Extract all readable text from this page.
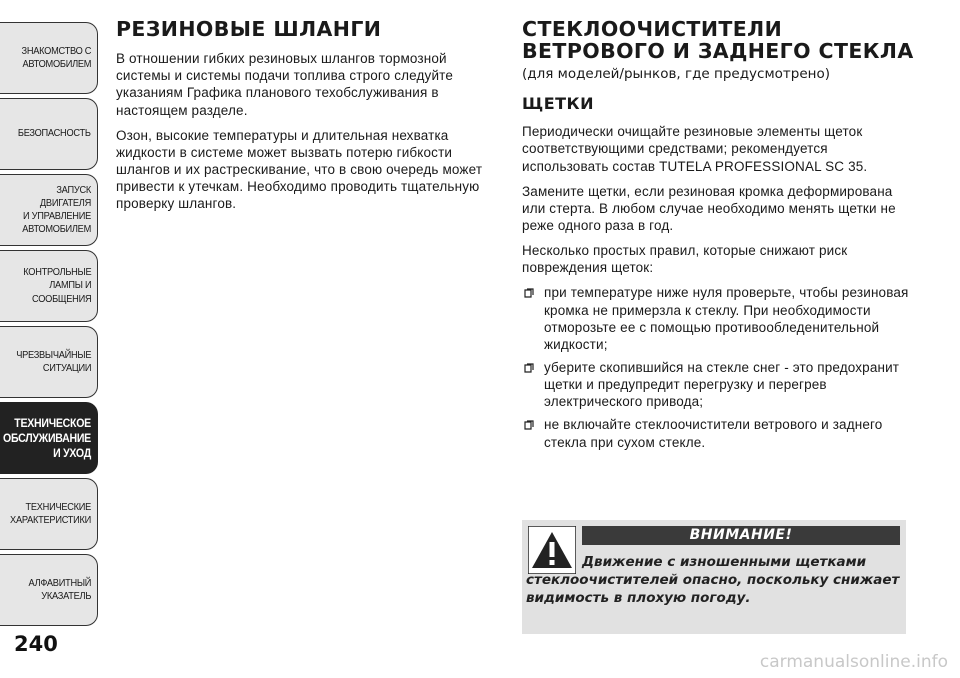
ЗНАКОМСТВО С
АВТОМОБИЛЕМ
БЕЗОПАСНОСТЬ
ЗАПУСК ДВИГАТЕЛЯ
И УПРАВЛЕНИЕ
АВТОМОБИЛЕМ
КОНТРОЛЬНЫЕ
ЛАМПЫ И
СООБЩЕНИЯ
ЧРЕЗВЫЧАЙНЫЕ
СИТУАЦИИ
ТЕХНИЧЕСКОЕ
ОБСЛУЖИВАНИЕ
И УХОД
ТЕХНИЧЕСКИЕ
ХАРАКТЕРИСТИКИ
АЛФАВИТНЫЙ
УКАЗАТЕЛЬ
240
РЕЗИНОВЫЕ ШЛАНГИ

В отношении гибких резиновых шлангов тормозной системы и системы подачи топлива строго следуйте указаниям Графика планового техобслуживания в настоящем разделе.

Озон, высокие температуры и длительная нехватка жидкости в системе может вызвать потерю гибкости шлангов и их растрескивание, что в свою очередь может привести к утечкам. Необходимо проводить тщательную проверку шлангов.

СТЕКЛООЧИСТИТЕЛИ
ВЕТРОВОГО И ЗАДНЕГО СТЕКЛА
(для моделей/рынков, где предусмотрено)
ЩЕТКИ

Периодически очищайте резиновые элементы щеток соответствующими средствами; рекомендуется использовать состав TUTELA PROFESSIONAL SC 35.

Замените щетки, если резиновая кромка деформирована или стерта. В любом случае необходимо менять щетки не реже одного раза в год.

Несколько простых правил, которые снижают риск повреждения щеток:

при температуре ниже нуля проверьте, чтобы резиновая кромка не примерзла к стеклу. При необходимости отморозьте ее с помощью противообледенительной жидкости;
уберите скопившийся на стекле снег - это предохранит щетки и предупредит перегрузку и перегрев электрического привода;
не включайте стеклоочистители ветрового и заднего стекла при сухом стекле.
ВНИМАНИЕ!
Движение с изношенными щетками стеклоочистителей опасно, поскольку снижает видимость в плохую погоду.
carmanualsonline.info
